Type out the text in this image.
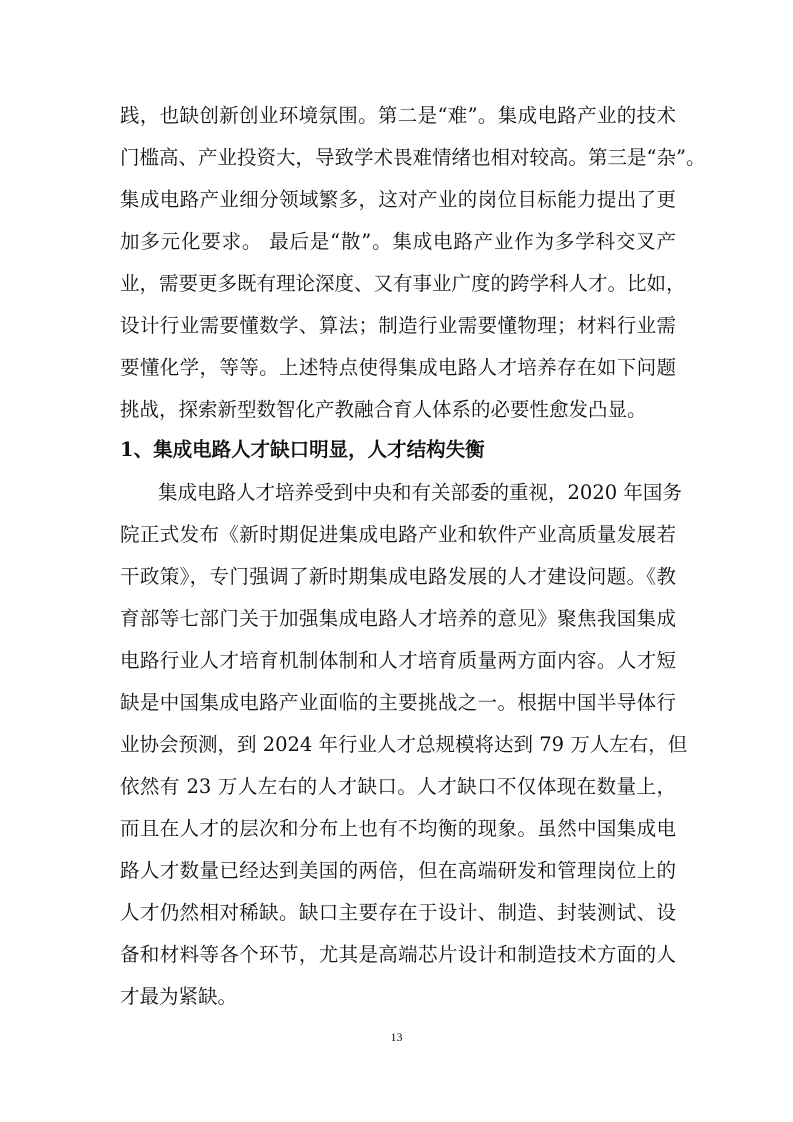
践，也缺创新创业环境氛围。第二是“难”。集成电路产业的技术
门槛高、产业投资大，导致学术畏难情绪也相对较高。第三是“杂”。
集成电路产业细分领域繁多，这对产业的岗位目标能力提出了更
加多元化要求。 最后是“散”。集成电路产业作为多学科交叉产
业，需要更多既有理论深度、又有事业广度的跨学科人才。比如，
设计行业需要懂数学、算法；制造行业需要懂物理；材料行业需
要懂化学，等等。上述特点使得集成电路人才培养存在如下问题
挑战，探索新型数智化产教融合育人体系的必要性愈发凸显。
1、集成电路人才缺口明显，人才结构失衡
集成电路人才培养受到中央和有关部委的重视，2020 年国务
院正式发布《新时期促进集成电路产业和软件产业高质量发展若
干政策》，专门强调了新时期集成电路发展的人才建设问题。《教
育部等七部门关于加强集成电路人才培养的意见》聚焦我国集成
电路行业人才培育机制体制和人才培育质量两方面内容。人才短
缺是中国集成电路产业面临的主要挑战之一。根据中国半导体行
业协会预测，到 2024 年行业人才总规模将达到 79 万人左右，但
依然有 23 万人左右的人才缺口。人才缺口不仅体现在数量上，
而且在人才的层次和分布上也有不均衡的现象。虽然中国集成电
路人才数量已经达到美国的两倍，但在高端研发和管理岗位上的
人才仍然相对稀缺。缺口主要存在于设计、制造、封装测试、设
备和材料等各个环节，尤其是高端芯片设计和制造技术方面的人
才最为紧缺。
13
